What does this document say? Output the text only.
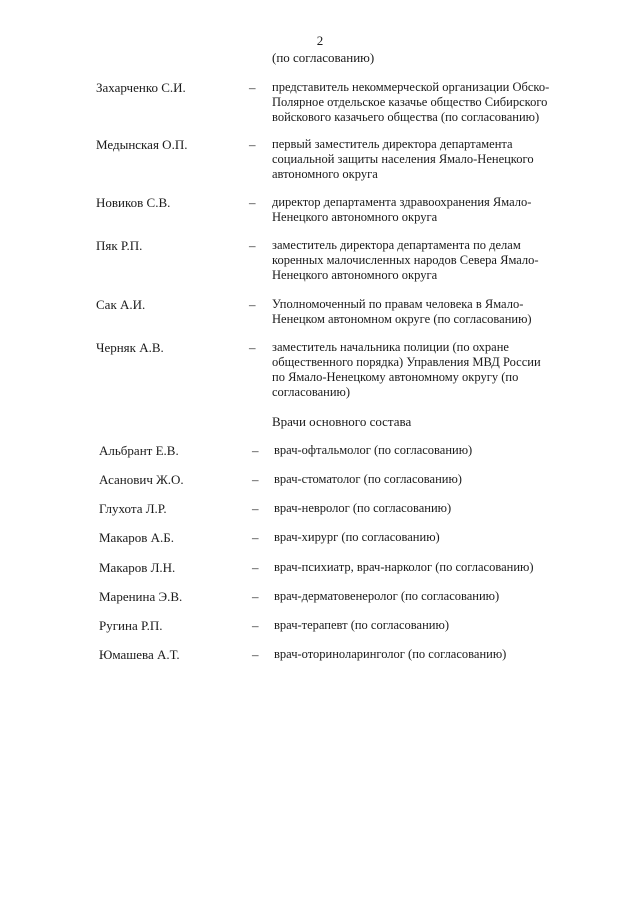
2
(по согласованию)
Захарченко С.И.	– представитель некоммерческой организации Обско-
Полярное отдельское казачье общество Сибирского
войскового казачьего общества (по согласованию)
Медынская О.П.	– первый заместитель директора департамента
социальной защиты населения Ямало-Ненецкого
автономного округа
Новиков С.В.	– директор департамента здравоохранения Ямало-
Ненецкого автономного округа
Пяк Р.П.	– заместитель директора департамента по делам
коренных малочисленных народов Севера Ямало-
Ненецкого автономного округа
Сак А.И.	– Уполномоченный по правам человека в Ямало-
Ненецком автономном округе (по согласованию)
Черняк А.В.	– заместитель начальника полиции (по охране
общественного порядка) Управления МВД России
по Ямало-Ненецкому автономному округу (по
согласованию)
Врачи основного состава
Альбрант Е.В.	– врач-офтальмолог (по согласованию)
Асанович Ж.О.	– врач-стоматолог (по согласованию)
Глухота Л.Р.	– врач-невролог (по согласованию)
Макаров А.Б.	– врач-хирург (по согласованию)
Макаров Л.Н.	– врач-психиатр, врач-нарколог (по согласованию)
Маренина Э.В.	– врач-дерматовенеролог (по согласованию)
Ругина Р.П.	– врач-терапевт (по согласованию)
Юмашева А.Т.	– врач-оториноларинголог (по согласованию)
